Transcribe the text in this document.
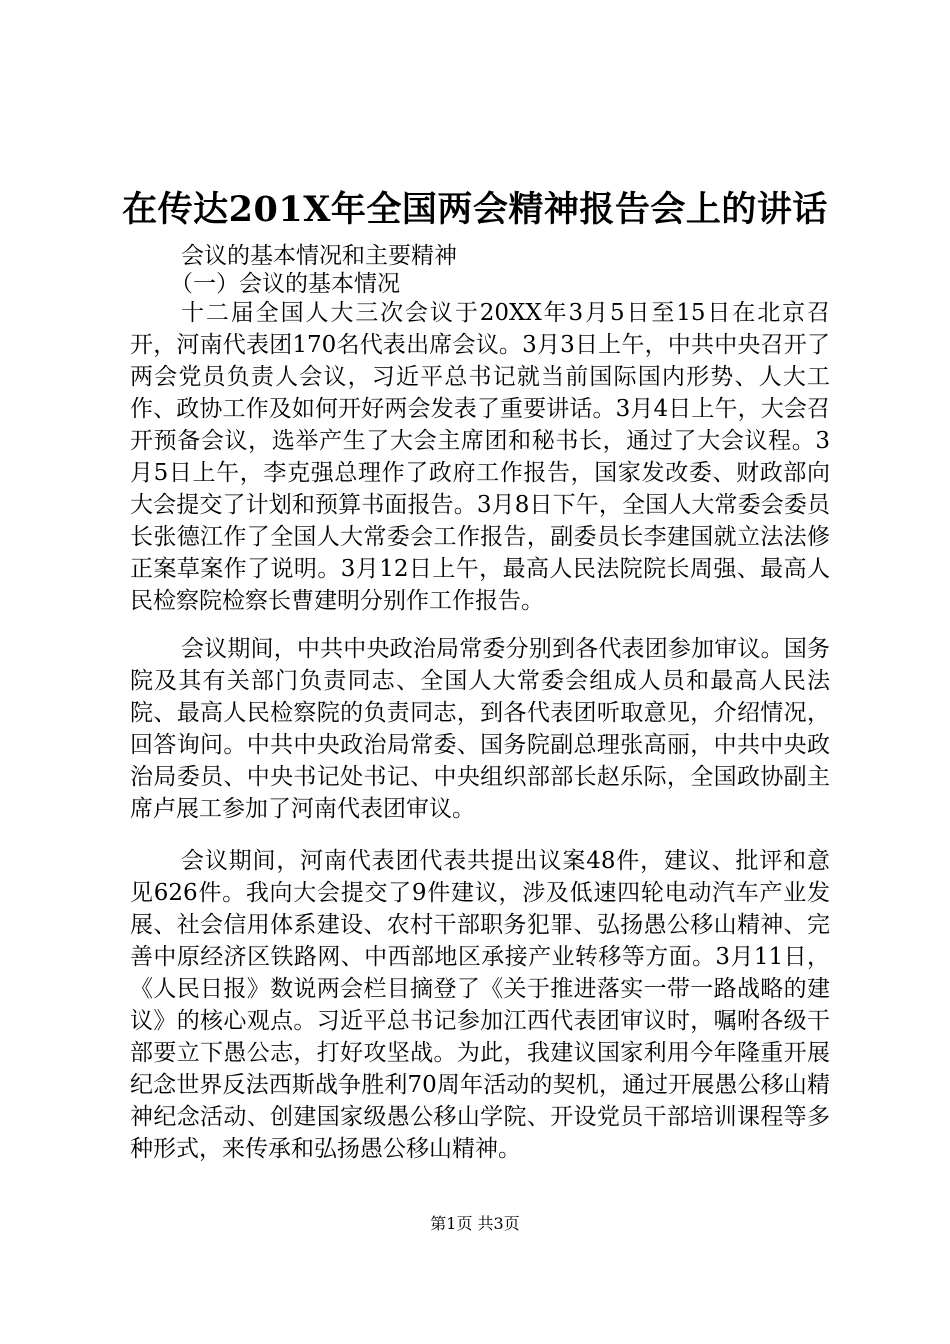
在传达201X年全国两会精神报告会上的讲话
会议的基本情况和主要精神
（一）会议的基本情况

十二届全国人大三次会议于20XX年3月5日至15日在北京召开，河南代表团170名代表出席会议。3月3日上午，中共中央召开了两会党员负责人会议，习近平总书记就当前国际国内形势、人大工作、政协工作及如何开好两会发表了重要讲话。3月4日上午，大会召开预备会议，选举产生了大会主席团和秘书长，通过了大会议程。3月5日上午，李克强总理作了政府工作报告，国家发改委、财政部向大会提交了计划和预算书面报告。3月8日下午，全国人大常委会委员长张德江作了全国人大常委会工作报告，副委员长李建国就立法法修正案草案作了说明。3月12日上午，最高人民法院院长周强、最高人民检察院检察长曹建明分别作工作报告。

会议期间，中共中央政治局常委分别到各代表团参加审议。国务院及其有关部门负责同志、全国人大常委会组成人员和最高人民法院、最高人民检察院的负责同志，到各代表团听取意见，介绍情况，回答询问。中共中央政治局常委、国务院副总理张高丽，中共中央政治局委员、中央书记处书记、中央组织部部长赵乐际，全国政协副主席卢展工参加了河南代表团审议。

会议期间，河南代表团代表共提出议案48件，建议、批评和意见626件。我向大会提交了9件建议，涉及低速四轮电动汽车产业发展、社会信用体系建设、农村干部职务犯罪、弘扬愚公移山精神、完善中原经济区铁路网、中西部地区承接产业转移等方面。3月11日，《人民日报》数说两会栏目摘登了《关于推进落实一带一路战略的建议》的核心观点。习近平总书记参加江西代表团审议时，嘱咐各级干部要立下愚公志，打好攻坚战。为此，我建议国家利用今年隆重开展纪念世界反法西斯战争胜利70周年活动的契机，通过开展愚公移山精神纪念活动、创建国家级愚公移山学院、开设党员干部培训课程等多种形式，来传承和弘扬愚公移山精神。

第1页 共3页
